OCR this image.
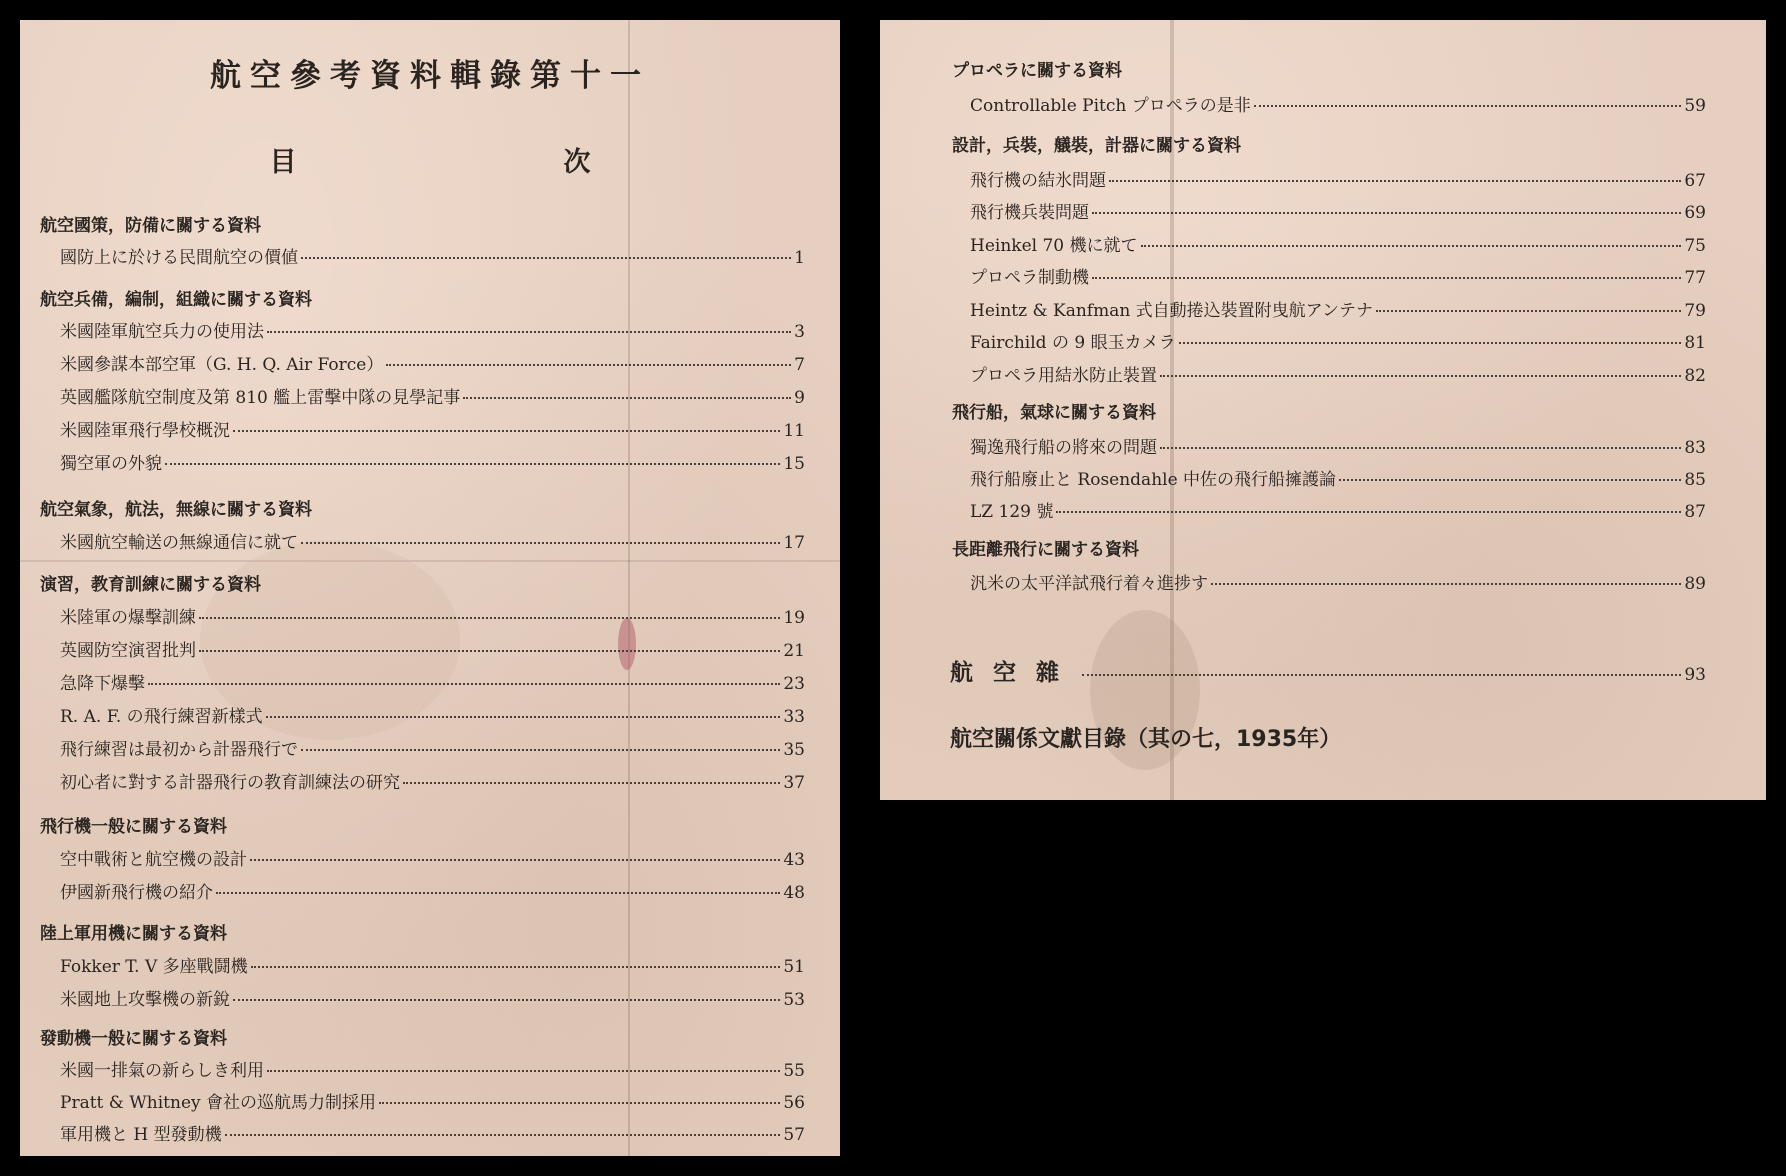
航空參考資料輯錄第十一
目　次
航空國策，防備に關する資料
國防上に於ける民間航空の價値	1
航空兵備，編制，組織に關する資料
米國陸軍航空兵力の使用法	3
米國參謀本部空軍（G. H. Q. Air Force）	7
英國艦隊航空制度及第 810 艦上雷擊中隊の見學記事	9
米國陸軍飛行學校概況	11
獨空軍の外貌	15
航空氣象，航法，無線に關する資料
米國航空輸送の無線通信に就て	17
演習，教育訓練に關する資料
米陸軍の爆擊訓練	19
英國防空演習批判	21
急降下爆擊	23
R. A. F. の飛行練習新樣式	33
飛行練習は最初から計器飛行で	35
初心者に對する計器飛行の教育訓練法の研究	37
飛行機一般に關する資料
空中戰術と航空機の設計	43
伊國新飛行機の紹介	48
陸上軍用機に關する資料
Fokker T. V 多座戰鬪機	51
米國地上攻擊機の新銳	53
發動機一般に關する資料
米國一排氣の新らしき利用	55
Pratt & Whitney 會社の巡航馬力制採用	56
軍用機と H 型發動機	57
プロペラに關する資料
Controllable Pitch プロペラの是非	59
設計，兵裝，艤裝，計器に關する資料
飛行機の結氷問題	67
飛行機兵裝問題	69
Heinkel 70 機に就て	75
プロペラ制動機	77
Heintz & Kanfman 式自動捲込裝置附曳航アンテナ	79
Fairchild の 9 眼玉カメラ	81
プロペラ用結氷防止裝置	82
飛行船，氣球に關する資料
獨逸飛行船の將來の問題	83
飛行船廢止と Rosendahle 中佐の飛行船擁護論	85
LZ 129 號	87
長距離飛行に關する資料
汎米の太平洋試飛行着々進捗す	89
航空雜	93
航空關係文獻目錄（其の七，1935年）
